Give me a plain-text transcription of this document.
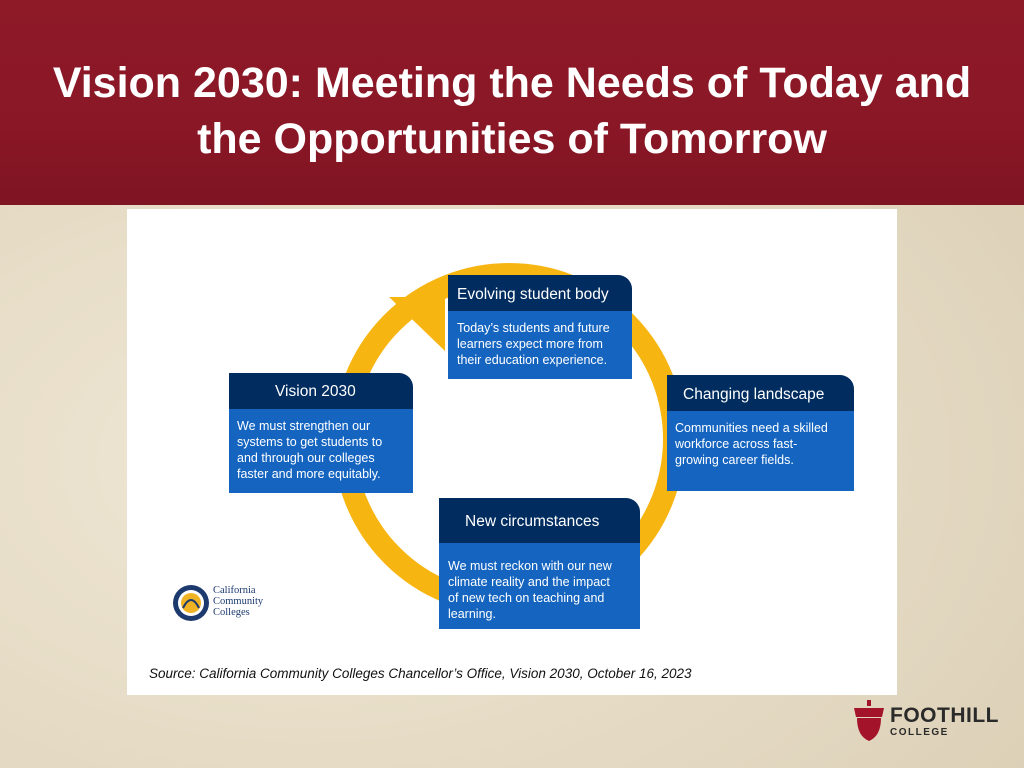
Vision 2030: Meeting the Needs of Today and
the Opportunities of Tomorrow
Evolving student body
Today’s students and future
learners expect more from
their education experience.
Vision 2030
We must strengthen our
systems to get students to
and through our colleges
faster and more equitably.
Changing landscape
Communities need a skilled
workforce across fast-
growing career fields.
New circumstances
We must reckon with our new
climate reality and the impact
of new tech on teaching and
learning.
California
Community
Colleges
Source: California Community Colleges Chancellor’s Office, Vision 2030, October 16, 2023
FOOTHILL
COLLEGE
